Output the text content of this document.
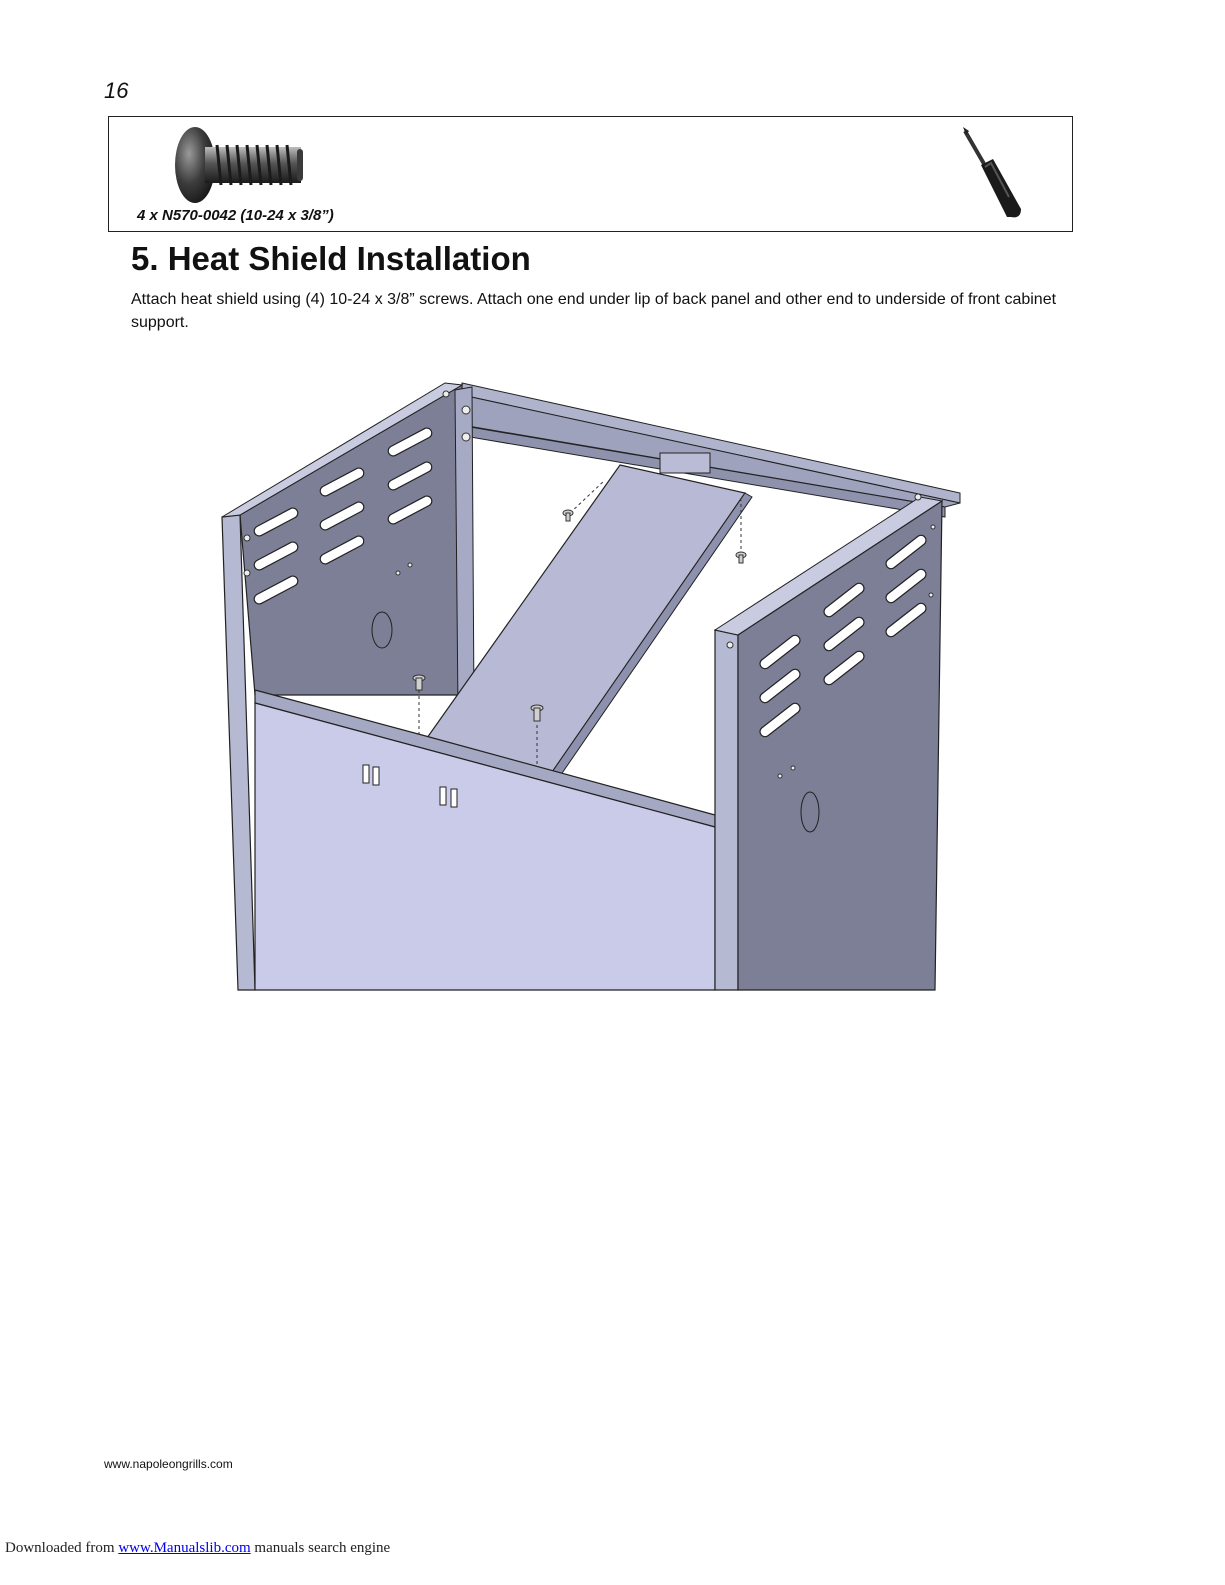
16
4 x N570-0042 (10-24 x 3/8”)
5. Heat Shield Installation
Attach heat shield using (4) 10-24 x 3/8” screws. Attach one end under lip of back panel and other end to underside of front cabinet support.
www.napoleongrills.com
Downloaded from www.Manualslib.com manuals search engine
